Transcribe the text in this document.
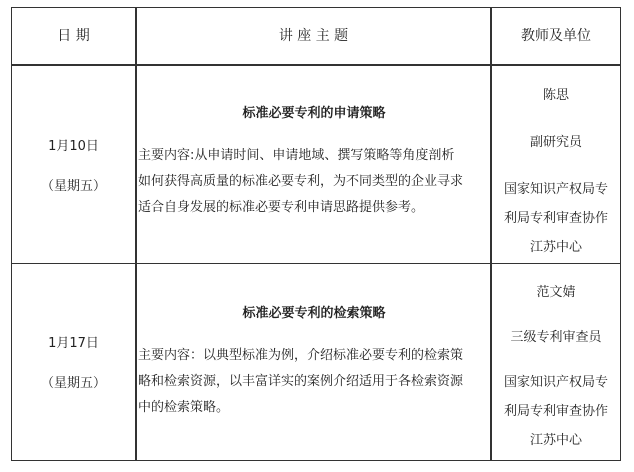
日 期	讲 座 主 题	教师及单位
1月10日
（星期五）
标准必要专利的申请策略
主要内容:从申请时间、申请地域、撰写策略等角度剖析
如何获得高质量的标准必要专利，为不同类型的企业寻求
适合自身发展的标准必要专利申请思路提供参考。
陈思
副研究员
国家知识产权局专
利局专利审查协作
江苏中心
1月17日
（星期五）
标准必要专利的检索策略
主要内容：以典型标准为例，介绍标准必要专利的检索策
略和检索资源，以丰富详实的案例介绍适用于各检索资源
中的检索策略。
范文婧
三级专利审查员
国家知识产权局专
利局专利审查协作
江苏中心
